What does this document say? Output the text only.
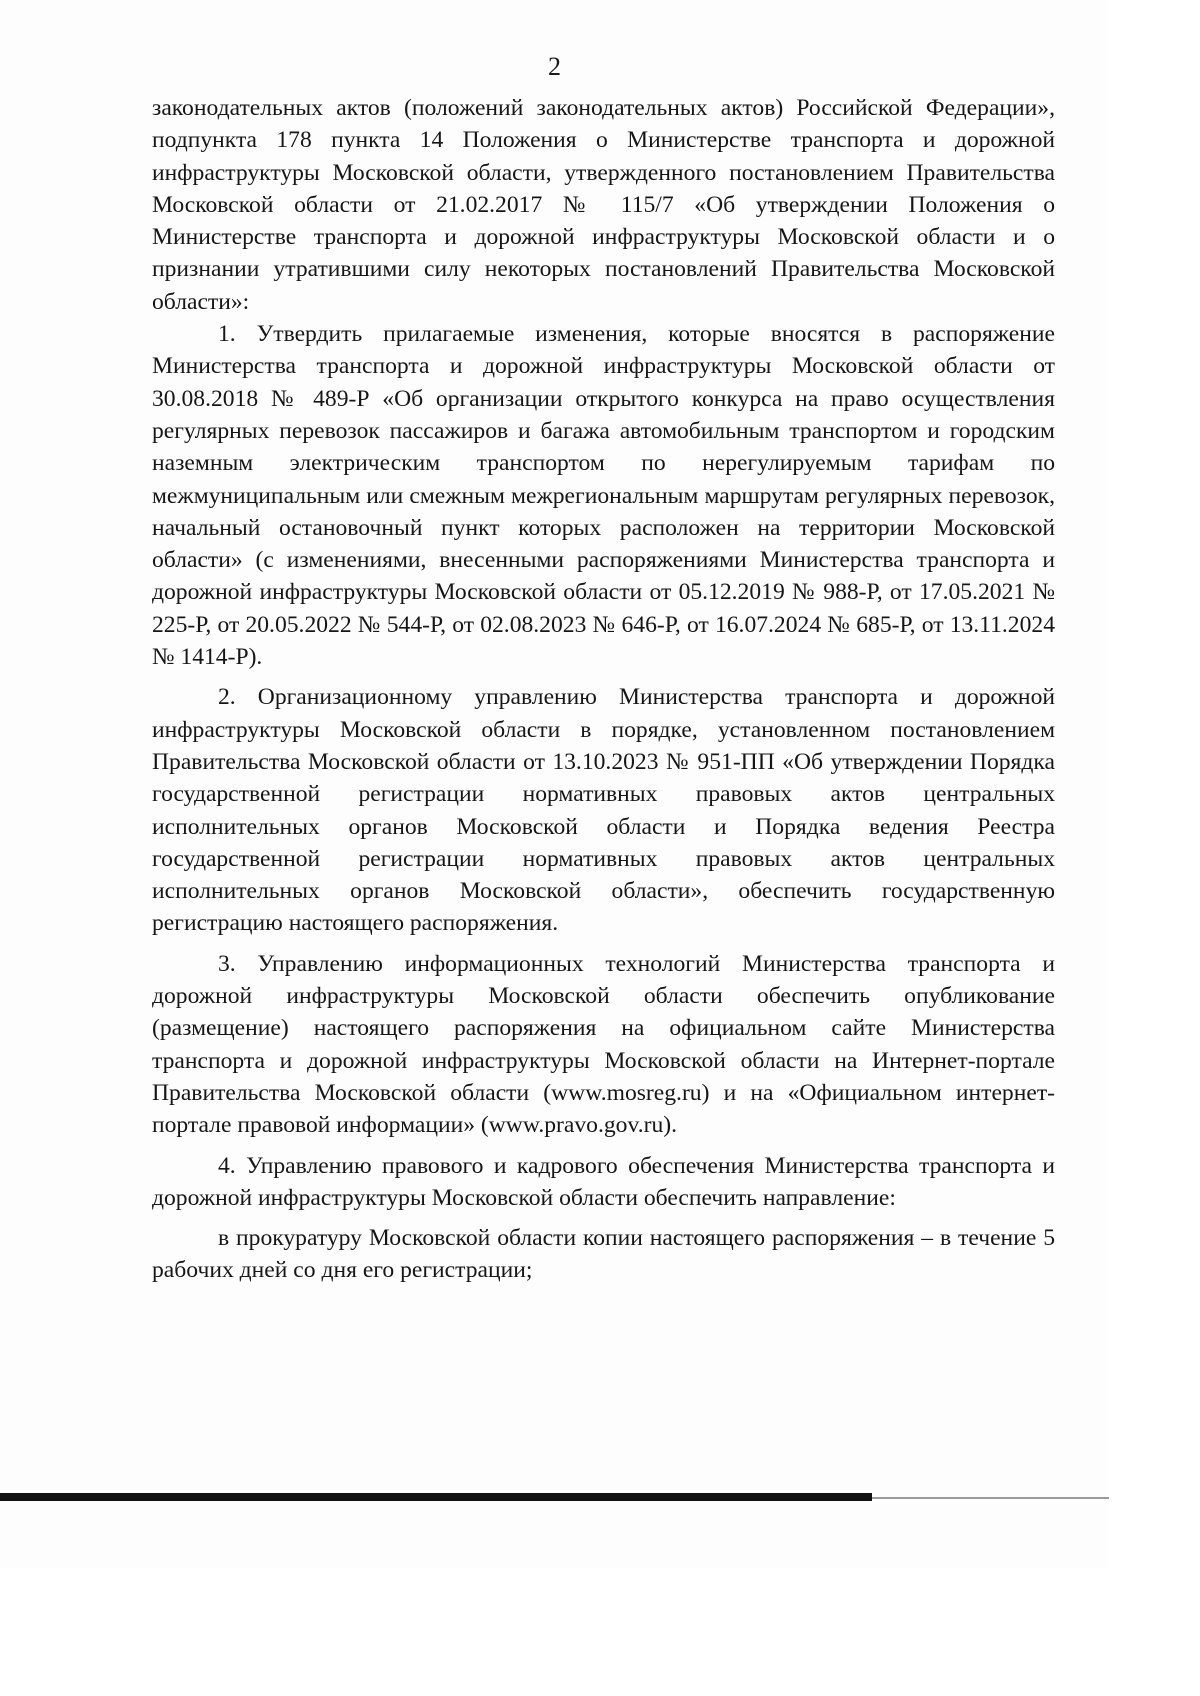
2

законодательных актов (положений законодательных актов) Российской Федерации», подпункта 178 пункта 14 Положения о Министерстве транспорта и дорожной инфраструктуры Московской области, утвержденного постановлением Правительства Московской области от 21.02.2017 № 115/7 «Об утверждении Положения о Министерстве транспорта и дорожной инфраструктуры Московской области и о признании утратившими силу некоторых постановлений Правительства Московской области»:

1. Утвердить прилагаемые изменения, которые вносятся в распоряжение Министерства транспорта и дорожной инфраструктуры Московской области от 30.08.2018 № 489-Р «Об организации открытого конкурса на право осуществления регулярных перевозок пассажиров и багажа автомобильным транспортом и городским наземным электрическим транспортом по нерегулируемым тарифам по межмуниципальным или смежным межрегиональным маршрутам регулярных перевозок, начальный остановочный пункт которых расположен на территории Московской области» (с изменениями, внесенными распоряжениями Министерства транспорта и дорожной инфраструктуры Московской области от 05.12.2019 № 988-Р, от 17.05.2021 № 225-Р, от 20.05.2022 № 544-Р, от 02.08.2023 № 646-Р, от 16.07.2024 № 685-Р, от 13.11.2024 № 1414-Р).

2. Организационному управлению Министерства транспорта и дорожной инфраструктуры Московской области в порядке, установленном постановлением Правительства Московской области от 13.10.2023 № 951-ПП «Об утверждении Порядка государственной регистрации нормативных правовых актов центральных исполнительных органов Московской области и Порядка ведения Реестра государственной регистрации нормативных правовых актов центральных исполнительных органов Московской области», обеспечить государственную регистрацию настоящего распоряжения.

3. Управлению информационных технологий Министерства транспорта и дорожной инфраструктуры Московской области обеспечить опубликование (размещение) настоящего распоряжения на официальном сайте Министерства транспорта и дорожной инфраструктуры Московской области на Интернет-портале Правительства Московской области (www.mosreg.ru) и на «Официальном интернет-портале правовой информации» (www.pravo.gov.ru).

4. Управлению правового и кадрового обеспечения Министерства транспорта и дорожной инфраструктуры Московской области обеспечить направление:

в прокуратуру Московской области копии настоящего распоряжения – в течение 5 рабочих дней со дня его регистрации;
